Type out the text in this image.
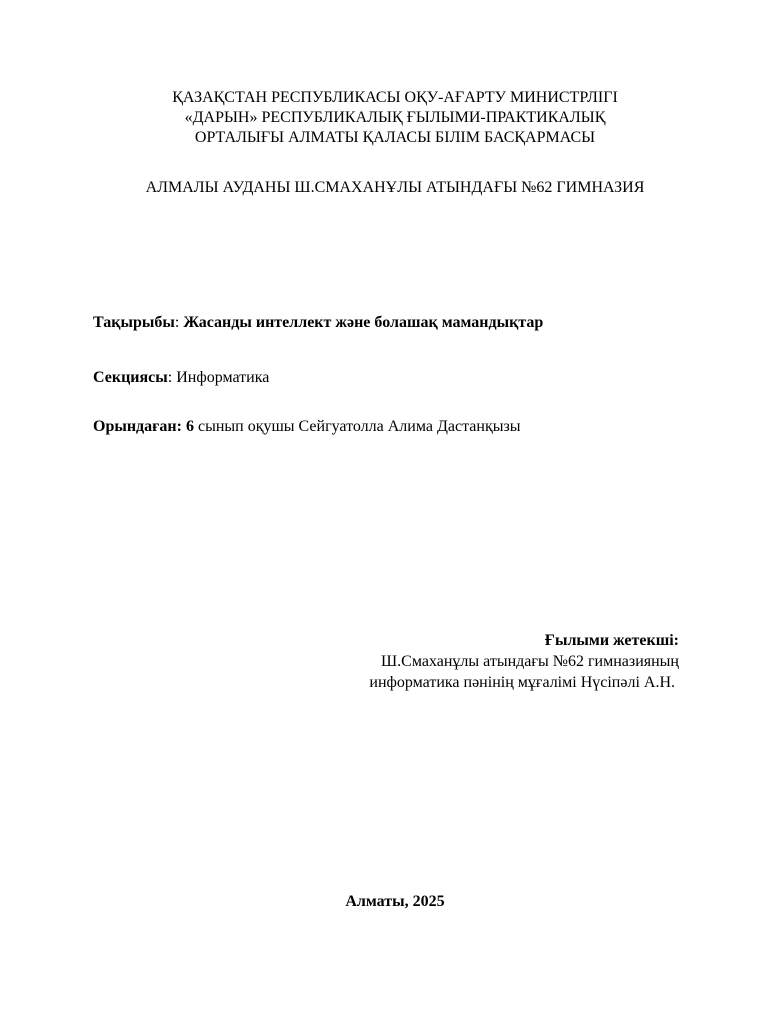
ҚАЗАҚСТАН РЕСПУБЛИКАСЫ ОҚУ-АҒАРТУ МИНИСТРЛІГІ
«ДАРЫН» РЕСПУБЛИКАЛЫҚ ҒЫЛЫМИ-ПРАКТИКАЛЫҚ
ОРТАЛЫҒЫ АЛМАТЫ ҚАЛАСЫ БІЛІМ БАСҚАРМАСЫ
АЛМАЛЫ АУДАНЫ Ш.СМАХАНҰЛЫ АТЫНДАҒЫ №62 ГИМНАЗИЯ
Тақырыбы: Жасанды интеллект және болашақ мамандықтар
Секциясы: Информатика
Орындаған: 6 сынып оқушы Сейгуатолла Алима Дастанқызы
Ғылыми жетекші:
Ш.Смаханұлы атындағы №62 гимназияның
информатика пәнінің мұғалімі Нүсіпәлі А.Н.
Алматы, 2025
